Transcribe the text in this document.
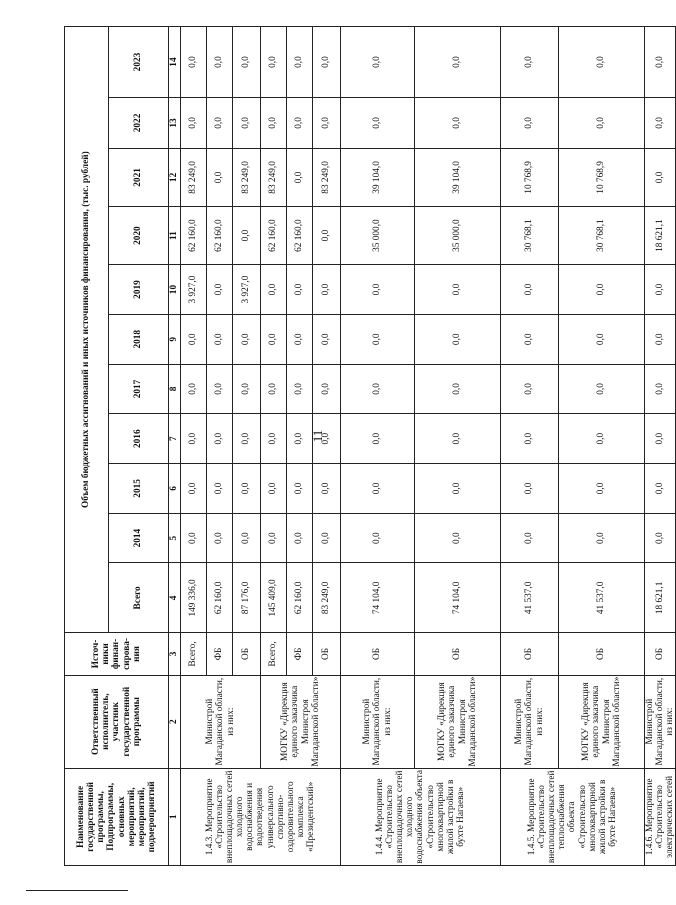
11
Наименование государственной программы, Подпрограммы, основных мероприятий, мероприятий, подмероприятий	Ответственный исполнитель, участник государственной программы	Источ-ники финан-сирова-ния	Объем бюджетных ассигнований и иных источников финансирования, (тыс. рублей)										
			Всего	2014	2015	2016	2017	2018	2019	2020	2021	2022	2023
1	2	3	4	5	6	7	8	9	10	11	12	13	14
1.4.3. Мероприятие «Строительство внеплощадочных сетей холодного водоснабжения и водоотведения универсального спортивно-оздоровительного комплекса «Президентский»	Министрой Магаданской области, из них:	Всего,	149 336,0	0,0	0,0	0,0	0,0	0,0	3 927,0	62 160,0	83 249,0	0,0	0,0
		ФБ	62 160,0	0,0	0,0	0,0	0,0	0,0	0,0	62 160,0	0,0	0,0	0,0
		ОБ	87 176,0	0,0	0,0	0,0	0,0	0,0	3 927,0	0,0	83 249,0	0,0	0,0
	МОГКУ «Дирекция единого заказчика Министроя Магаданской области»	Всего,	145 409,0	0,0	0,0	0,0	0,0	0,0	0,0	62 160,0	83 249,0	0,0	0,0
		ФБ	62 160,0	0,0	0,0	0,0	0,0	0,0	0,0	62 160,0	0,0	0,0	0,0
		ОБ	83 249,0	0,0	0,0	0,0	0,0	0,0	0,0	0,0	83 249,0	0,0	0,0
1.4.4. Мероприятие «Строительство внеплощадочных сетей холодного водоснабжения объекта «Строительство многоквартирной жилой застройки в бухте Нагаева»	Министрой Магаданской области, из них:	ОБ	74 104,0	0,0	0,0	0,0	0,0	0,0	0,0	35 000,0	39 104,0	0,0	0,0
	МОГКУ «Дирекция единого заказчика Министроя Магаданской области»	ОБ	74 104,0	0,0	0,0	0,0	0,0	0,0	0,0	35 000,0	39 104,0	0,0	0,0
1.4.5. Мероприятие «Строительство внеплощадочных сетей теплоснабжения объекта «Строительство многоквартирной жилой застройки в бухте Нагаева»	Министрой Магаданской области, из них:	ОБ	41 537,0	0,0	0,0	0,0	0,0	0,0	0,0	30 768,1	10 768,9	0,0	0,0
	МОГКУ «Дирекция единого заказчика Министроя Магаданской области»	ОБ	41 537,0	0,0	0,0	0,0	0,0	0,0	0,0	30 768,1	10 768,9	0,0	0,0
1.4.6. Мероприятие «Строительство электрических сетей	Министрой Магаданской области, из них:	ОБ	18 621,1	0,0	0,0	0,0	0,0	0,0	0,0	18 621,1	0,0	0,0	0,0
